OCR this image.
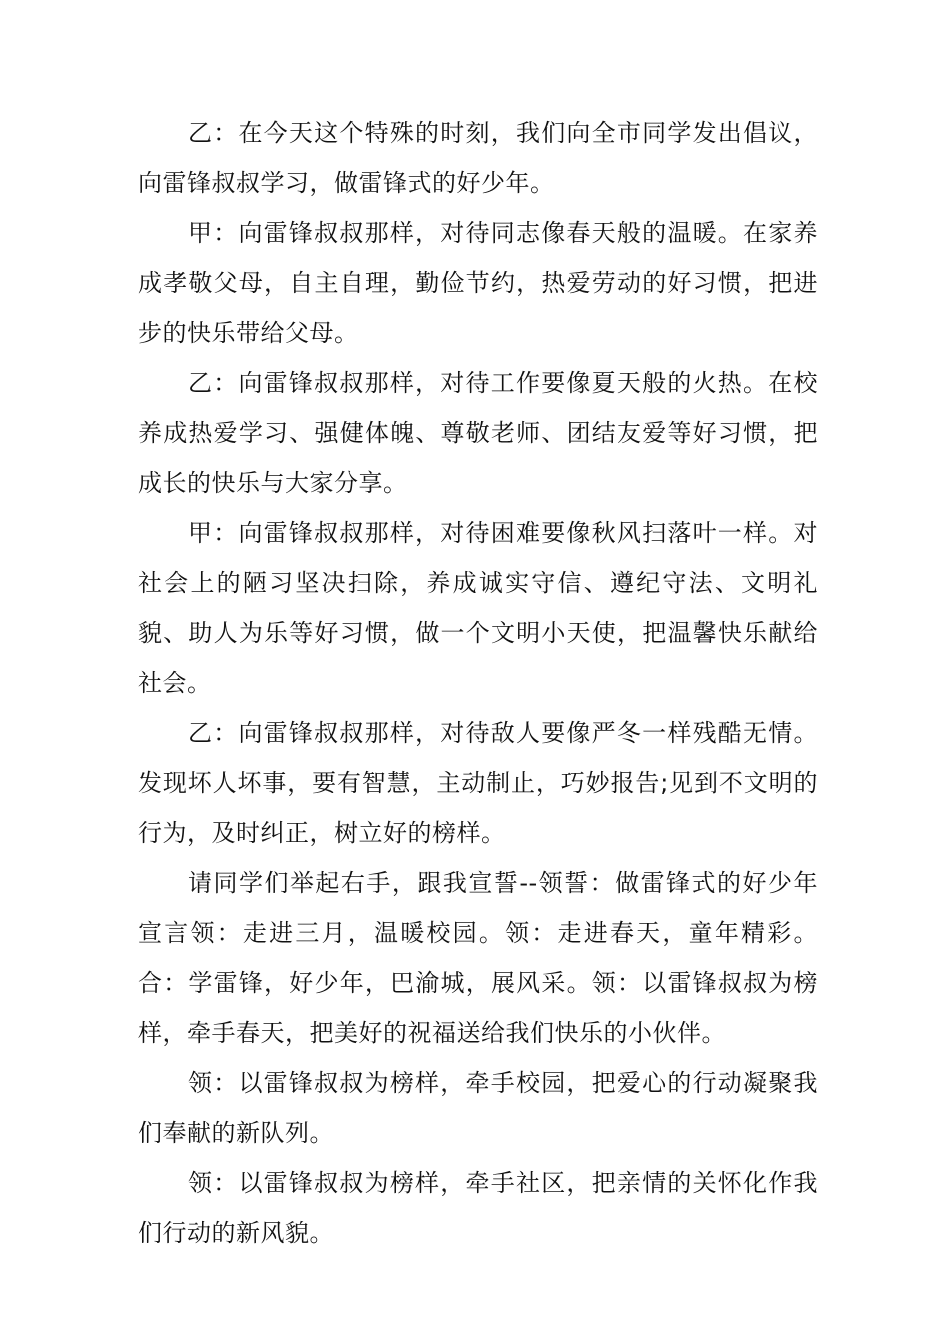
乙：在今天这个特殊的时刻，我们向全市同学发出倡议，向雷锋叔叔学习，做雷锋式的好少年。

甲：向雷锋叔叔那样，对待同志像春天般的温暖。在家养成孝敬父母，自主自理，勤俭节约，热爱劳动的好习惯，把进步的快乐带给父母。

乙：向雷锋叔叔那样，对待工作要像夏天般的火热。在校养成热爱学习、强健体魄、尊敬老师、团结友爱等好习惯，把成长的快乐与大家分享。

甲：向雷锋叔叔那样，对待困难要像秋风扫落叶一样。对社会上的陋习坚决扫除，养成诚实守信、遵纪守法、文明礼貌、助人为乐等好习惯，做一个文明小天使，把温馨快乐献给社会。

乙：向雷锋叔叔那样，对待敌人要像严冬一样残酷无情。发现坏人坏事，要有智慧，主动制止，巧妙报告;见到不文明的行为，及时纠正，树立好的榜样。

请同学们举起右手，跟我宣誓--领誓：做雷锋式的好少年宣言领：走进三月，温暖校园。领：走进春天，童年精彩。合：学雷锋，好少年，巴渝城，展风采。领：以雷锋叔叔为榜样，牵手春天，把美好的祝福送给我们快乐的小伙伴。

领：以雷锋叔叔为榜样，牵手校园，把爱心的行动凝聚我们奉献的新队列。

领：以雷锋叔叔为榜样，牵手社区，把亲情的关怀化作我们行动的新风貌。
